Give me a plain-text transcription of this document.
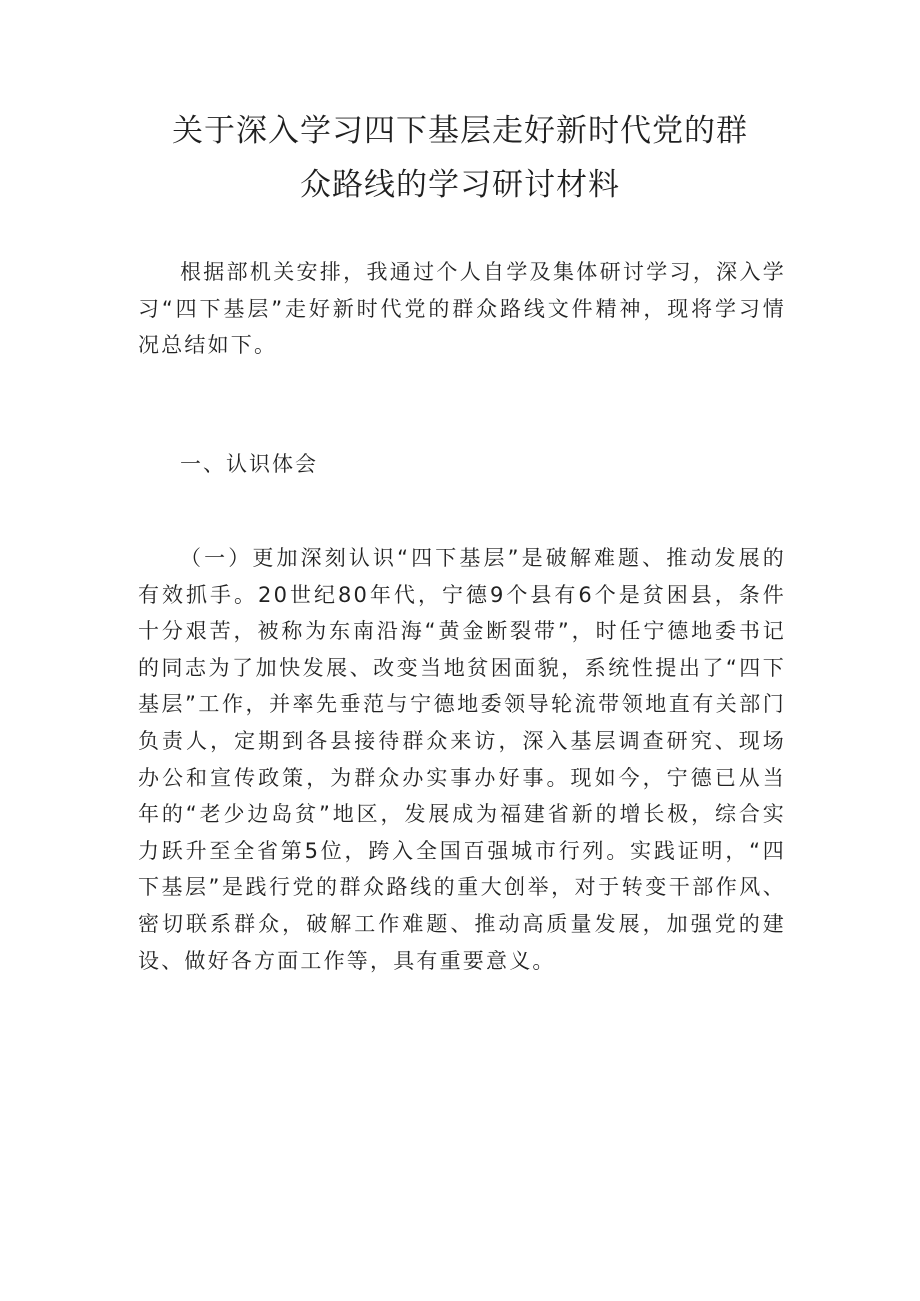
关于深入学习四下基层走好新时代党的群
众路线的学习研讨材料

根据部机关安排，我通过个人自学及集体研讨学习，深入学习“四下基层”走好新时代党的群众路线文件精神，现将学习情况总结如下。

一、认识体会

（一）更加深刻认识“四下基层”是破解难题、推动发展的有效抓手。20世纪80年代，宁德9个县有6个是贫困县，条件十分艰苦，被称为东南沿海“黄金断裂带”，时任宁德地委书记的同志为了加快发展、改变当地贫困面貌，系统性提出了“四下基层”工作，并率先垂范与宁德地委领导轮流带领地直有关部门负责人，定期到各县接待群众来访，深入基层调查研究、现场办公和宣传政策，为群众办实事办好事。现如今，宁德已从当年的“老少边岛贫”地区，发展成为福建省新的增长极，综合实力跃升至全省第5位，跨入全国百强城市行列。实践证明，“四下基层”是践行党的群众路线的重大创举，对于转变干部作风、密切联系群众，破解工作难题、推动高质量发展，加强党的建设、做好各方面工作等，具有重要意义。
